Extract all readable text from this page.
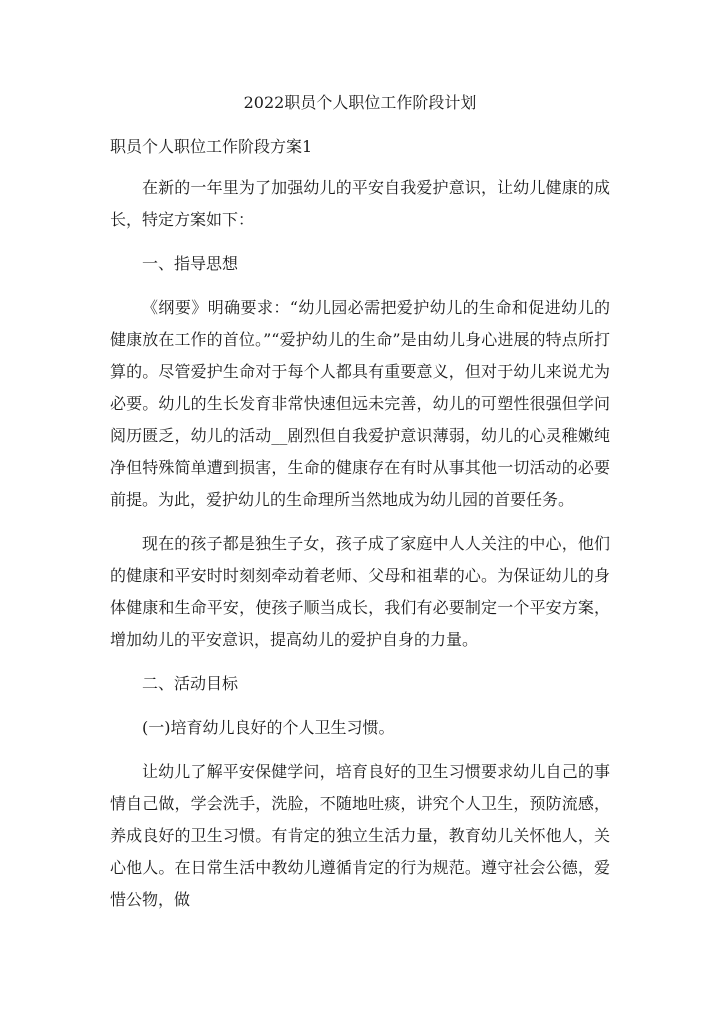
2022职员个人职位工作阶段计划
职员个人职位工作阶段方案1

在新的一年里为了加强幼儿的平安自我爱护意识，让幼儿健康的成长，特定方案如下：

一、指导思想

《纲要》明确要求：“幼儿园必需把爱护幼儿的生命和促进幼儿的健康放在工作的首位。”“爱护幼儿的生命”是由幼儿身心进展的特点所打算的。尽管爱护生命对于每个人都具有重要意义，但对于幼儿来说尤为必要。幼儿的生长发育非常快速但远未完善，幼儿的可塑性很强但学问阅历匮乏，幼儿的活动__剧烈但自我爱护意识薄弱，幼儿的心灵稚嫩纯净但特殊简单遭到损害，生命的健康存在有时从事其他一切活动的必要前提。为此，爱护幼儿的生命理所当然地成为幼儿园的首要任务。

现在的孩子都是独生子女，孩子成了家庭中人人关注的中心，他们的健康和平安时时刻刻牵动着老师、父母和祖辈的心。为保证幼儿的身体健康和生命平安，使孩子顺当成长，我们有必要制定一个平安方案，增加幼儿的平安意识，提高幼儿的爱护自身的力量。

二、活动目标

(一)培育幼儿良好的个人卫生习惯。

让幼儿了解平安保健学问，培育良好的卫生习惯要求幼儿自己的事情自己做，学会洗手，洗脸，不随地吐痰，讲究个人卫生，预防流感，养成良好的卫生习惯。有肯定的独立生活力量，教育幼儿关怀他人，关心他人。在日常生活中教幼儿遵循肯定的行为规范。遵守社会公德，爱惜公物，做
